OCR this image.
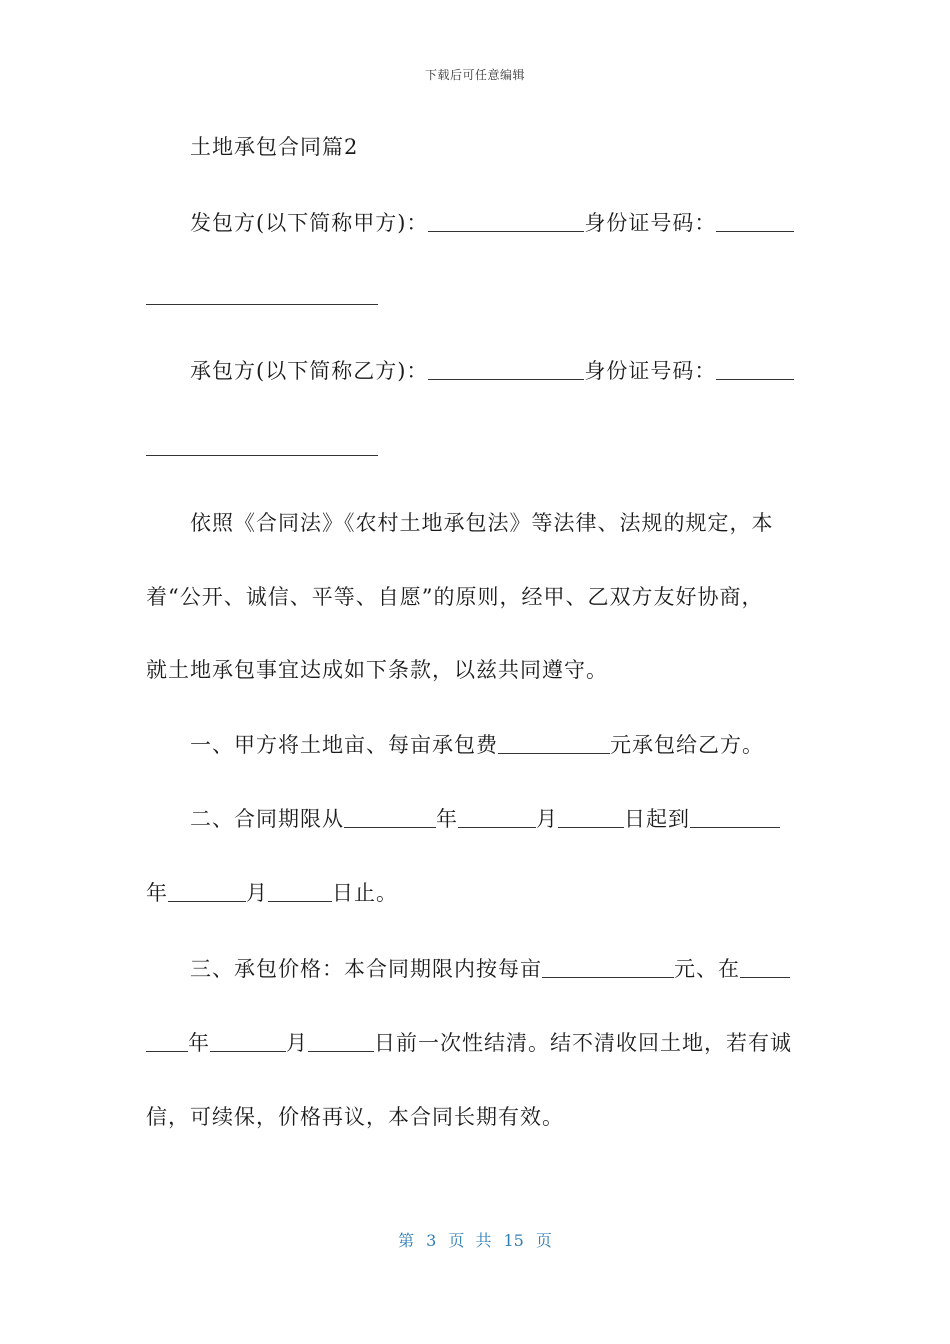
下载后可任意编辑
土地承包合同篇2
发包方(以下简称甲方)：	身份证号码：
承包方(以下简称乙方)：	身份证号码：
依照《合同法》《农村土地承包法》等法律、法规的规定，本
着“公开、诚信、平等、自愿”的原则，经甲、乙双方友好协商，
就土地承包事宜达成如下条款，以兹共同遵守。
一、甲方将土地亩、每亩承包费	元承包给乙方。
二、合同期限从	年	月	日起到
年	月	日止。
三、承包价格：本合同期限内按每亩	元、在
年	月	日前一次性结清。结不清收回土地，若有诚
信，可续保，价格再议，本合同长期有效。
第 3 页 共 15 页
